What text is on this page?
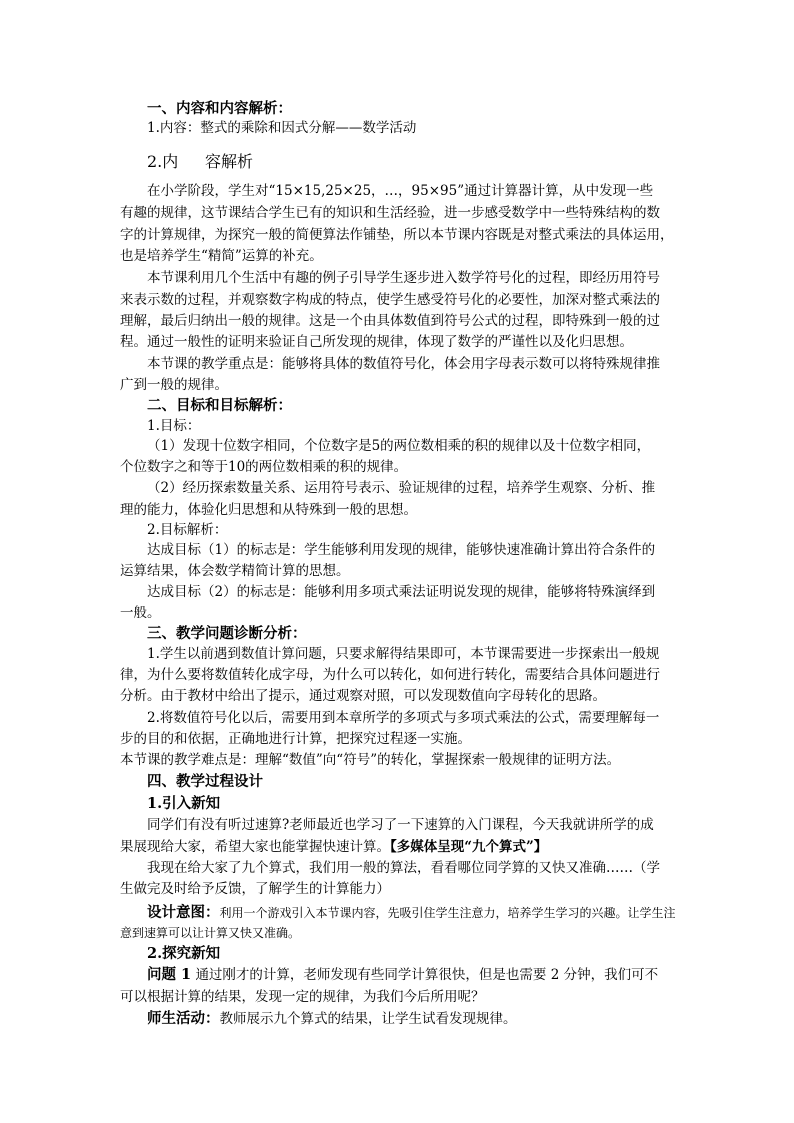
一、内容和内容解析：
1.内容：整式的乘除和因式分解——数学活动
2.内 容解析
在小学阶段，学生对“15×15,25×25，…，95×95”通过计算器计算，从中发现一些
有趣的规律，这节课结合学生已有的知识和生活经验，进一步感受数学中一些特殊结构的数
字的计算规律，为探究一般的简便算法作铺垫，所以本节课内容既是对整式乘法的具体运用，
也是培养学生“精简”运算的补充。
本节课利用几个生活中有趣的例子引导学生逐步进入数学符号化的过程，即经历用符号
来表示数的过程，并观察数字构成的特点，使学生感受符号化的必要性，加深对整式乘法的
理解，最后归纳出一般的规律。这是一个由具体数值到符号公式的过程，即特殊到一般的过
程。通过一般性的证明来验证自己所发现的规律，体现了数学的严谨性以及化归思想。
本节课的教学重点是：能够将具体的数值符号化，体会用字母表示数可以将特殊规律推
广到一般的规律。
二、目标和目标解析：
1.目标：
（1）发现十位数字相同，个位数字是5的两位数相乘的积的规律以及十位数字相同，
个位数字之和等于10的两位数相乘的积的规律。
（2）经历探索数量关系、运用符号表示、验证规律的过程，培养学生观察、分析、推
理的能力，体验化归思想和从特殊到一般的思想。
2.目标解析：
达成目标（1）的标志是：学生能够利用发现的规律，能够快速准确计算出符合条件的
运算结果，体会数学精简计算的思想。
达成目标（2）的标志是：能够利用多项式乘法证明说发现的规律，能够将特殊演绎到
一般。
三、教学问题诊断分析：
1.学生以前遇到数值计算问题，只要求解得结果即可，本节课需要进一步探索出一般规
律，为什么要将数值转化成字母，为什么可以转化，如何进行转化，需要结合具体问题进行
分析。由于教材中给出了提示，通过观察对照，可以发现数值向字母转化的思路。
2.将数值符号化以后，需要用到本章所学的多项式与多项式乘法的公式，需要理解每一
步的目的和依据，正确地进行计算，把探究过程逐一实施。
本节课的教学难点是：理解“数值”向“符号”的转化，掌握探索一般规律的证明方法。
四、教学过程设计
1.引入新知
同学们有没有听过速算?老师最近也学习了一下速算的入门课程，今天我就讲所学的成
果展现给大家，希望大家也能掌握快速计算。【多媒体呈现“九个算式”】
我现在给大家了九个算式，我们用一般的算法，看看哪位同学算的又快又准确……（学
生做完及时给予反馈，了解学生的计算能力）
设计意图：利用一个游戏引入本节课内容，先吸引住学生注意力，培养学生学习的兴趣。让学生注
意到速算可以让计算又快又准确。
2.探究新知
问题 1 通过刚才的计算，老师发现有些同学计算很快，但是也需要 2 分钟，我们可不
可以根据计算的结果，发现一定的规律，为我们今后所用呢？
师生活动：教师展示九个算式的结果，让学生试看发现规律。
